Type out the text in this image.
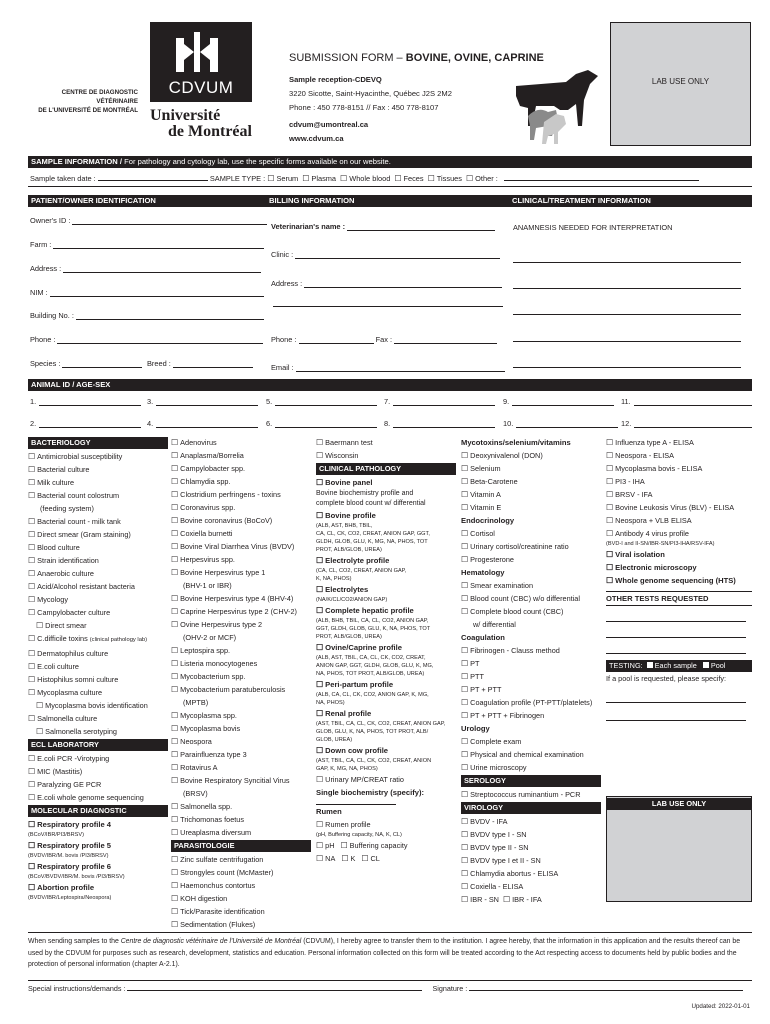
CENTRE DE DIAGNOSTIC VÉTÉRINAIRE
DE L'UNIVERSITÉ DE MONTRÉAL
CDVUM
Université
de Montréal
SUBMISSION FORM – BOVINE, OVINE, CAPRINE
Sample reception-CDEVQ
3220 Sicotte, Saint-Hyacinthe, Québec J2S 2M2
Phone : 450 778-8151 // Fax : 450 778-8107
cdvum@umontreal.ca
www.cdvum.ca
LAB USE ONLY
SAMPLE INFORMATION / For pathology and cytology lab, use the specific forms available on our website.
Sample taken date :	SAMPLE TYPE : ☐ Serum ☐ Plasma ☐ Whole blood ☐ Feces ☐ Tissues ☐ Other :
PATIENT/OWNER IDENTIFICATION	BILLING INFORMATION	CLINICAL/TREATMENT INFORMATION
Owner's ID :
Farm :
Address :
NIM :
Building No. :
Phone :
Species :	Breed :
Veterinarian's name :
Clinic :
Address :
Phone :	Fax :
Email :
ANAMNESIS NEEDED FOR INTERPRETATION
ANIMAL ID / AGE-SEX
1.	3.	5.	7.	9.	11.
2.	4.	6.	8.	10.	12.
BACTERIOLOGY
☐ Antimicrobial susceptibility
☐ Bacterial culture
☐ Milk culture
☐ Bacterial count colostrum
(feeding system)
☐ Bacterial count - milk tank
☐ Direct smear (Gram staining)
☐ Blood culture
☐ Strain identification
☐ Anaerobic culture
☐ Acid/Alcohol resistant bacteria
☐ Mycology
☐ Campylobacter culture
☐ Direct smear
☐ C.difficile toxins (clinical pathology lab)
☐ Dermatophilus culture
☐ E.coli culture
☐ Histophilus somni culture
☐ Mycoplasma culture
☐ Mycoplasma bovis identification
☐ Salmonella culture
☐ Salmonella serotyping
ECL LABORATORY
☐ E.coli PCR -Virotyping
☐ MIC (Mastitis)
☐ Paralyzing GE PCR
☐ E.coli whole genome sequencing
MOLECULAR DIAGNOSTIC
☐ Respiratory profile 4
(BCoV/IBR/PI3/BRSV)
☐ Respiratory profile 5
(BVDV/IBR/M. bovis /PI3/BRSV)
☐ Respiratory profile 6
(BCoV/BVDV/IBR/M. bovis /PI3/BRSV)
☐ Abortion profile
(BVDV/IBR/Leptospira/Neospora)
☐ Adenovirus
☐ Anaplasma/Borrelia
☐ Campylobacter spp.
☐ Chlamydia spp.
☐ Clostridium perfringens - toxins
☐ Coronavirus spp.
☐ Bovine coronavirus (BoCoV)
☐ Coxiella burnetti
☐ Bovine Viral Diarrhea Virus (BVDV)
☐ Herpesvirus spp.
☐ Bovine Herpesvirus type 1
(BHV-1 or IBR)
☐ Bovine Herpesvirus type 4 (BHV-4)
☐ Caprine Herpesvirus type 2 (CHV-2)
☐ Ovine Herpesvirus type 2
(OHV-2 or MCF)
☐ Leptospira spp.
☐ Listeria monocytogenes
☐ Mycobacterium spp.
☐ Mycobacterium paratuberculosis
(MPTB)
☐ Mycoplasma spp.
☐ Mycoplasma bovis
☐ Neospora
☐ Parainfluenza type 3
☐ Rotavirus A
☐ Bovine Respiratory Syncitial Virus
(BRSV)
☐ Salmonella spp.
☐ Trichomonas foetus
☐ Ureaplasma diversum
PARASITOLOGIE
☐ Zinc sulfate centrifugation
☐ Strongyles count (McMaster)
☐ Haemonchus contortus
☐ KOH digestion
☐ Tick/Parasite identification
☐ Sedimentation (Flukes)
☐ Baermann test
☐ Wisconsin
CLINICAL PATHOLOGY
☐ Bovine panel
Bovine biochemistry profile and
complete blood count w/ differential
☐ Bovine profile
(ALB, AST, BHB, TBIL,
CA, CL, CK, CO2, CREAT, ANION GAP, GGT,
GLDH, GLOB, GLU, K, MG, NA, PHOS, TOT
PROT, ALB/GLOB, UREA)
☐ Electrolyte profile
(CA, CL, CO2, CREAT, ANION GAP,
K, NA, PHOS)
☐ Electrolytes
(NA/K/CL/CO2/ANION GAP)
☐ Complete hepatic profile
(ALB, BHB, TBIL, CA, CL, CO2, ANION GAP,
GGT, GLDH, GLOB, GLU, K, NA, PHOS, TOT
PROT, ALB/GLOB, UREA)
☐ Ovine/Caprine profile
(ALB, AST, TBIL, CA, CL, CK, CO2, CREAT,
ANION GAP, GGT, GLDH, GLOB, GLU, K, MG,
NA, PHOS, TOT PROT, ALB/GLOB, UREA)
☐ Peri-partum profile
(ALB, CA, CL, CK, CO2, ANION GAP, K, MG,
NA, PHOS)
☐ Renal profile
(AST, TBIL, CA, CL, CK, CO2, CREAT, ANION GAP,
GLOB, GLU, K, NA, PHOS, TOT PROT, ALB/
GLOB, UREA)
☐ Down cow profile
(AST, TBIL, CA, CL, CK, CO2, CREAT, ANION
GAP, K, MG, NA, PHOS)
☐ Urinary MP/CREAT ratio
Single biochemistry (specify):
Rumen
☐ Rumen profile
(pH, Buffering capacity, NA, K, CL)
☐ pH ☐ Buffering capacity
☐ NA ☐ K ☐ CL
Mycotoxins/selenium/vitamins
☐ Deoxynivalenol (DON)
☐ Selenium
☐ Beta-Carotene
☐ Vitamin A
☐ Vitamin E
Endocrinology
☐ Cortisol
☐ Urinary cortisol/creatinine ratio
☐ Progesterone
Hematology
☐ Smear examination
☐ Blood count (CBC) w/o differential
☐ Complete blood count (CBC)
w/ differential
Coagulation
☐ Fibrinogen - Clauss method
☐ PT
☐ PTT
☐ PT + PTT
☐ Coagulation profile (PT-PTT/platelets)
☐ PT + PTT + Fibrinogen
Urology
☐ Complete exam
☐ Physical and chemical examination
☐ Urine microscopy
SEROLOGY
☐ Streptococcus ruminantium - PCR
VIROLOGY
☐ BVDV - IFA
☐ BVDV type I - SN
☐ BVDV type II - SN
☐ BVDV type I et II - SN
☐ Chlamydia abortus - ELISA
☐ Coxiella - ELISA
☐ IBR - SN ☐ IBR - IFA
☐ Influenza type A - ELISA
☐ Neospora - ELISA
☐ Mycoplasma bovis - ELISA
☐ PI3 - IHA
☐ BRSV - IFA
☐ Bovine Leukosis Virus (BLV) - ELISA
☐ Neospora + VLB ELISA
☐ Antibody 4 virus profile
(BVD-I and II-SN/IBR-SN/PI3-IHA/RSV-IFA)
☐ Viral isolation
☐ Electronic microscopy
☐ Whole genome sequencing (HTS)
OTHER TESTS REQUESTED
TESTING: Each sample Pool
If a pool is requested, please specify:
LAB USE ONLY
When sending samples to the Centre de diagnostic vétérinaire de l'Université de Montréal (CDVUM), I hereby agree to transfer them to the institution. I agree hereby, that the information in this application and the results thereof can be used by the CDVUM for purposes such as research, development, statistics and education. Personal information collected on this form will be treated according to the Act respecting access to documents held by public bodies and the protection of personal information (chapter A-2.1).
Special instructions/demands :	Signature :
Updated: 2022-01-01
